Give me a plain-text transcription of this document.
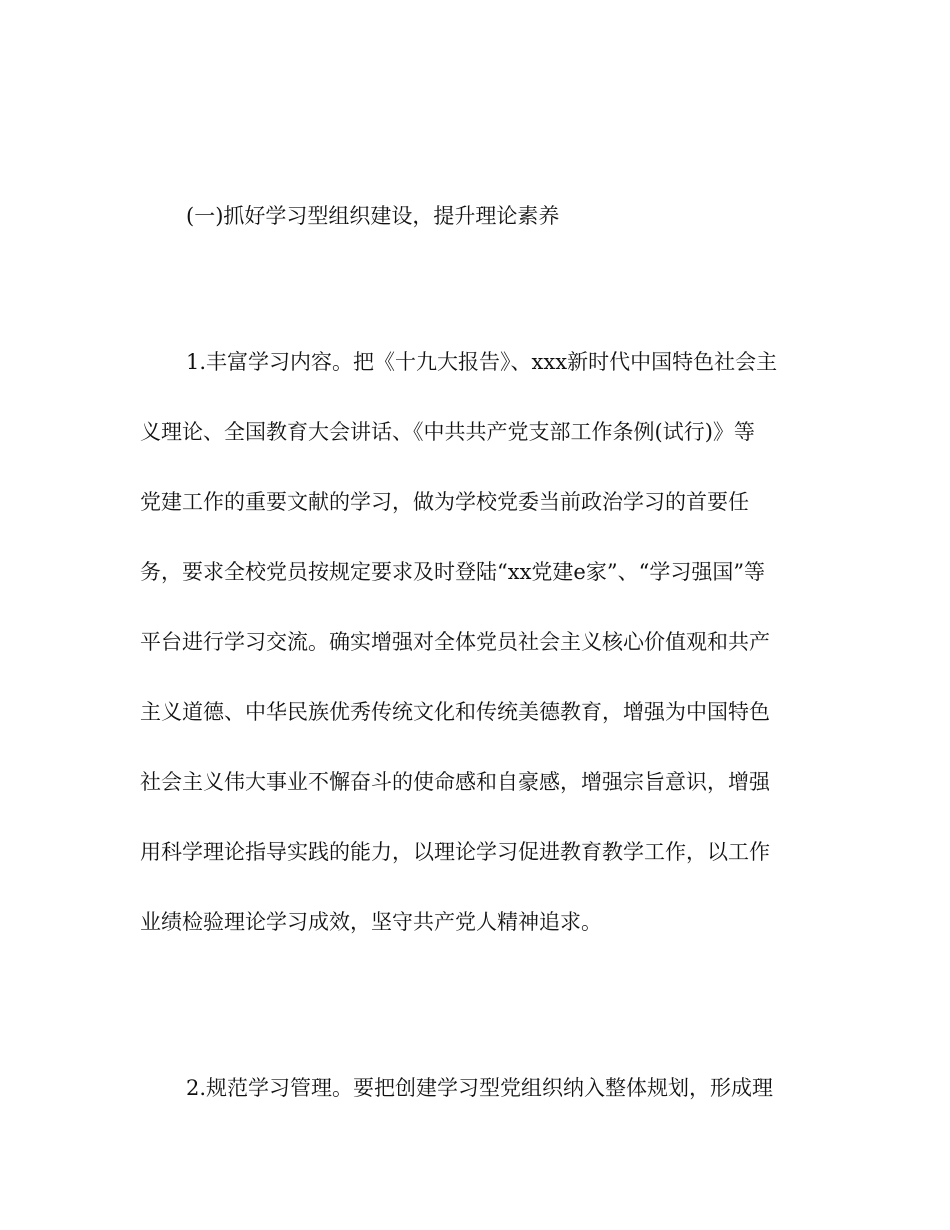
(一)抓好学习型组织建设，提升理论素养
1.丰富学习内容。把《十九大报告》、xxx新时代中国特色社会主
义理论、全国教育大会讲话、《中共共产党支部工作条例(试行)》等
党建工作的重要文献的学习，做为学校党委当前政治学习的首要任
务，要求全校党员按规定要求及时登陆“xx党建e家”、“学习强国”等
平台进行学习交流。确实增强对全体党员社会主义核心价值观和共产
主义道德、中华民族优秀传统文化和传统美德教育，增强为中国特色
社会主义伟大事业不懈奋斗的使命感和自豪感，增强宗旨意识，增强
用科学理论指导实践的能力，以理论学习促进教育教学工作，以工作
业绩检验理论学习成效，坚守共产党人精神追求。
2.规范学习管理。要把创建学习型党组织纳入整体规划，形成理
